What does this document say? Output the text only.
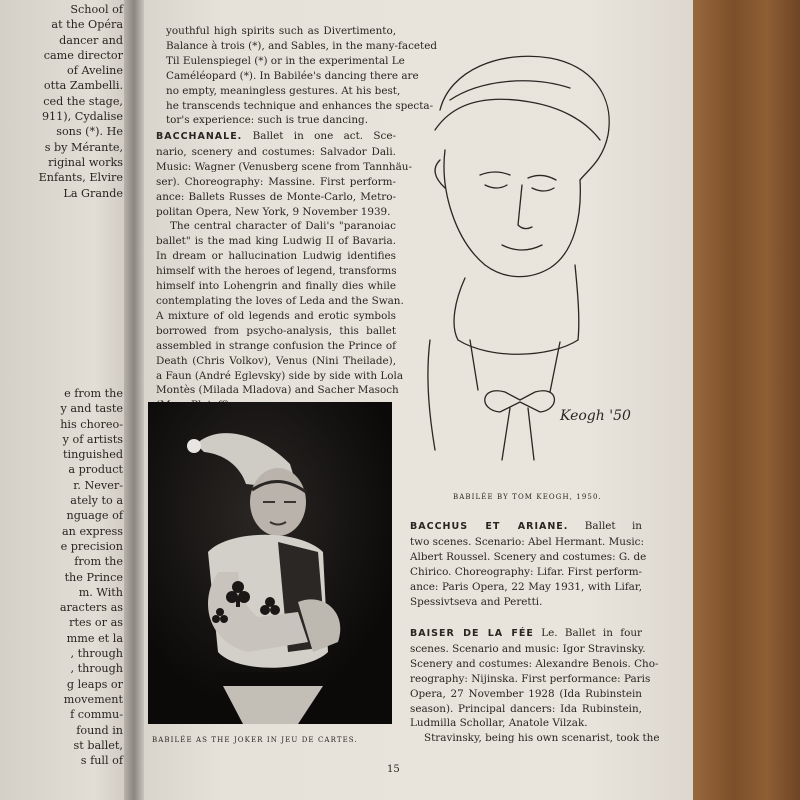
School of
at the Opéra
dancer and
came director
of Aveline
otta Zambelli.
ced the stage,
911), Cydalise
sons (*). He
s by Mérante,
riginal works
Enfants, Elvire
La Grande
e from the
y and taste
his choreo-
y of artists
tinguished
a product
r. Never-
ately to a
nguage of
an express
e precision
from the
the Prince
m. With
aracters as
rtes or as
mme et la
, through
, through
g leaps or
movement
f commu-
found in
st ballet,
s full of
youthful high spirits such as Divertimento,
Balance à trois (*), and Sables, in the many-faceted
Til Eulenspiegel (*) or in the experimental Le
Caméléopard (*). In Babilée's dancing there are
no empty, meaningless gestures. At his best,
he transcends technique and enhances the specta-
tor's experience: such is true dancing.
BACCHANALE. Ballet in one act. Sce-
nario, scenery and costumes: Salvador Dali.
Music: Wagner (Venusberg scene from Tannhäu-
ser). Choreography: Massine. First perform-
ance: Ballets Russes de Monte-Carlo, Metro-
politan Opera, New York, 9 November 1939.
The central character of Dali's "paranoiac
ballet" is the mad king Ludwig II of Bavaria.
In dream or hallucination Ludwig identifies
himself with the heroes of legend, transforms
himself into Lohengrin and finally dies while
contemplating the loves of Leda and the Swan.
A mixture of old legends and erotic symbols
borrowed from psycho-analysis, this ballet
assembled in strange confusion the Prince of
Death (Chris Volkov), Venus (Nini Theilade),
a Faun (André Eglevsky) side by side with Lola
Montès (Milada Mladova) and Sacher Masoch
BABILÉE AS THE JOKER IN JEU DE CARTES.
Keogh '50
BABILÉE BY TOM KEOGH, 1950.
BACCHUS ET ARIANE. Ballet in
two scenes. Scenario: Abel Hermant. Music:
Albert Roussel. Scenery and costumes: G. de
Chirico. Choreography: Lifar. First perform-
ance: Paris Opera, 22 May 1931, with Lifar,
Spessivtseva and Peretti.
BAISER DE LA FÉE Le. Ballet in four
scenes. Scenario and music: Igor Stravinsky.
Scenery and costumes: Alexandre Benois. Cho-
reography: Nijinska. First performance: Paris
Opera, 27 November 1928 (Ida Rubinstein
season). Principal dancers: Ida Rubinstein,
Ludmilla Schollar, Anatole Vilzak.
Stravinsky, being his own scenarist, took the
15
